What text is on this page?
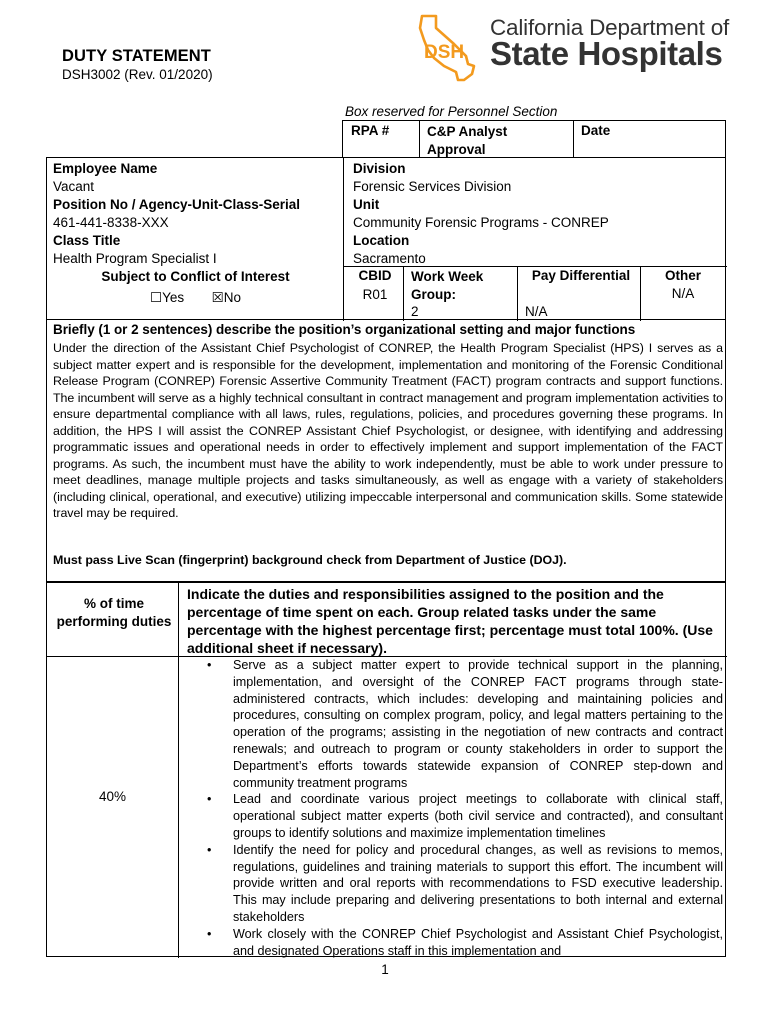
DUTY STATEMENT
DSH3002 (Rev. 01/2020)
DSH
California Department of
State Hospitals
Box reserved for Personnel Section
RPA #	C&P Analyst Approval
Date
Employee Name
Vacant
Position No / Agency-Unit-Class-Serial
461-441-8338-XXX
Class Title
Health Program Specialist I
Subject to Conflict of Interest
☐Yes ☒No
Division
Forensic Services Division
Unit
Community Forensic Programs - CONREP
Location
Sacramento
CBID
R01
Work Week Group:
2
Pay Differential
N/A
Other
N/A
Briefly (1 or 2 sentences) describe the position’s organizational setting and major functions
Under the direction of the Assistant Chief Psychologist of CONREP, the Health Program Specialist (HPS) I serves as a subject matter expert and is responsible for the development, implementation and monitoring of the Forensic Conditional Release Program (CONREP) Forensic Assertive Community Treatment (FACT) program contracts and support functions. The incumbent will serve as a highly technical consultant in contract management and program implementation activities to ensure departmental compliance with all laws, rules, regulations, policies, and procedures governing these programs. In addition, the HPS I will assist the CONREP Assistant Chief Psychologist, or designee, with identifying and addressing programmatic issues and operational needs in order to effectively implement and support implementation of the FACT programs. As such, the incumbent must have the ability to work independently, must be able to work under pressure to meet deadlines, manage multiple projects and tasks simultaneously, as well as engage with a variety of stakeholders (including clinical, operational, and executive) utilizing impeccable interpersonal and communication skills. Some statewide travel may be required.
Must pass Live Scan (fingerprint) background check from Department of Justice (DOJ).
% of time performing duties
Indicate the duties and responsibilities assigned to the position and the percentage of time spent on each. Group related tasks under the same percentage with the highest percentage first; percentage must total 100%. (Use additional sheet if necessary).
40%
• Serve as a subject matter expert to provide technical support in the planning, implementation, and oversight of the CONREP FACT programs through state-administered contracts, which includes: developing and maintaining policies and procedures, consulting on complex program, policy, and legal matters pertaining to the operation of the programs; assisting in the negotiation of new contracts and contract renewals; and outreach to program or county stakeholders in order to support the Department’s efforts towards statewide expansion of CONREP step-down and community treatment programs
• Lead and coordinate various project meetings to collaborate with clinical staff, operational subject matter experts (both civil service and contracted), and consultant groups to identify solutions and maximize implementation timelines
• Identify the need for policy and procedural changes, as well as revisions to memos, regulations, guidelines and training materials to support this effort. The incumbent will provide written and oral reports with recommendations to FSD executive leadership. This may include preparing and delivering presentations to both internal and external stakeholders
• Work closely with the CONREP Chief Psychologist and Assistant Chief Psychologist, and designated Operations staff in this implementation and
1
